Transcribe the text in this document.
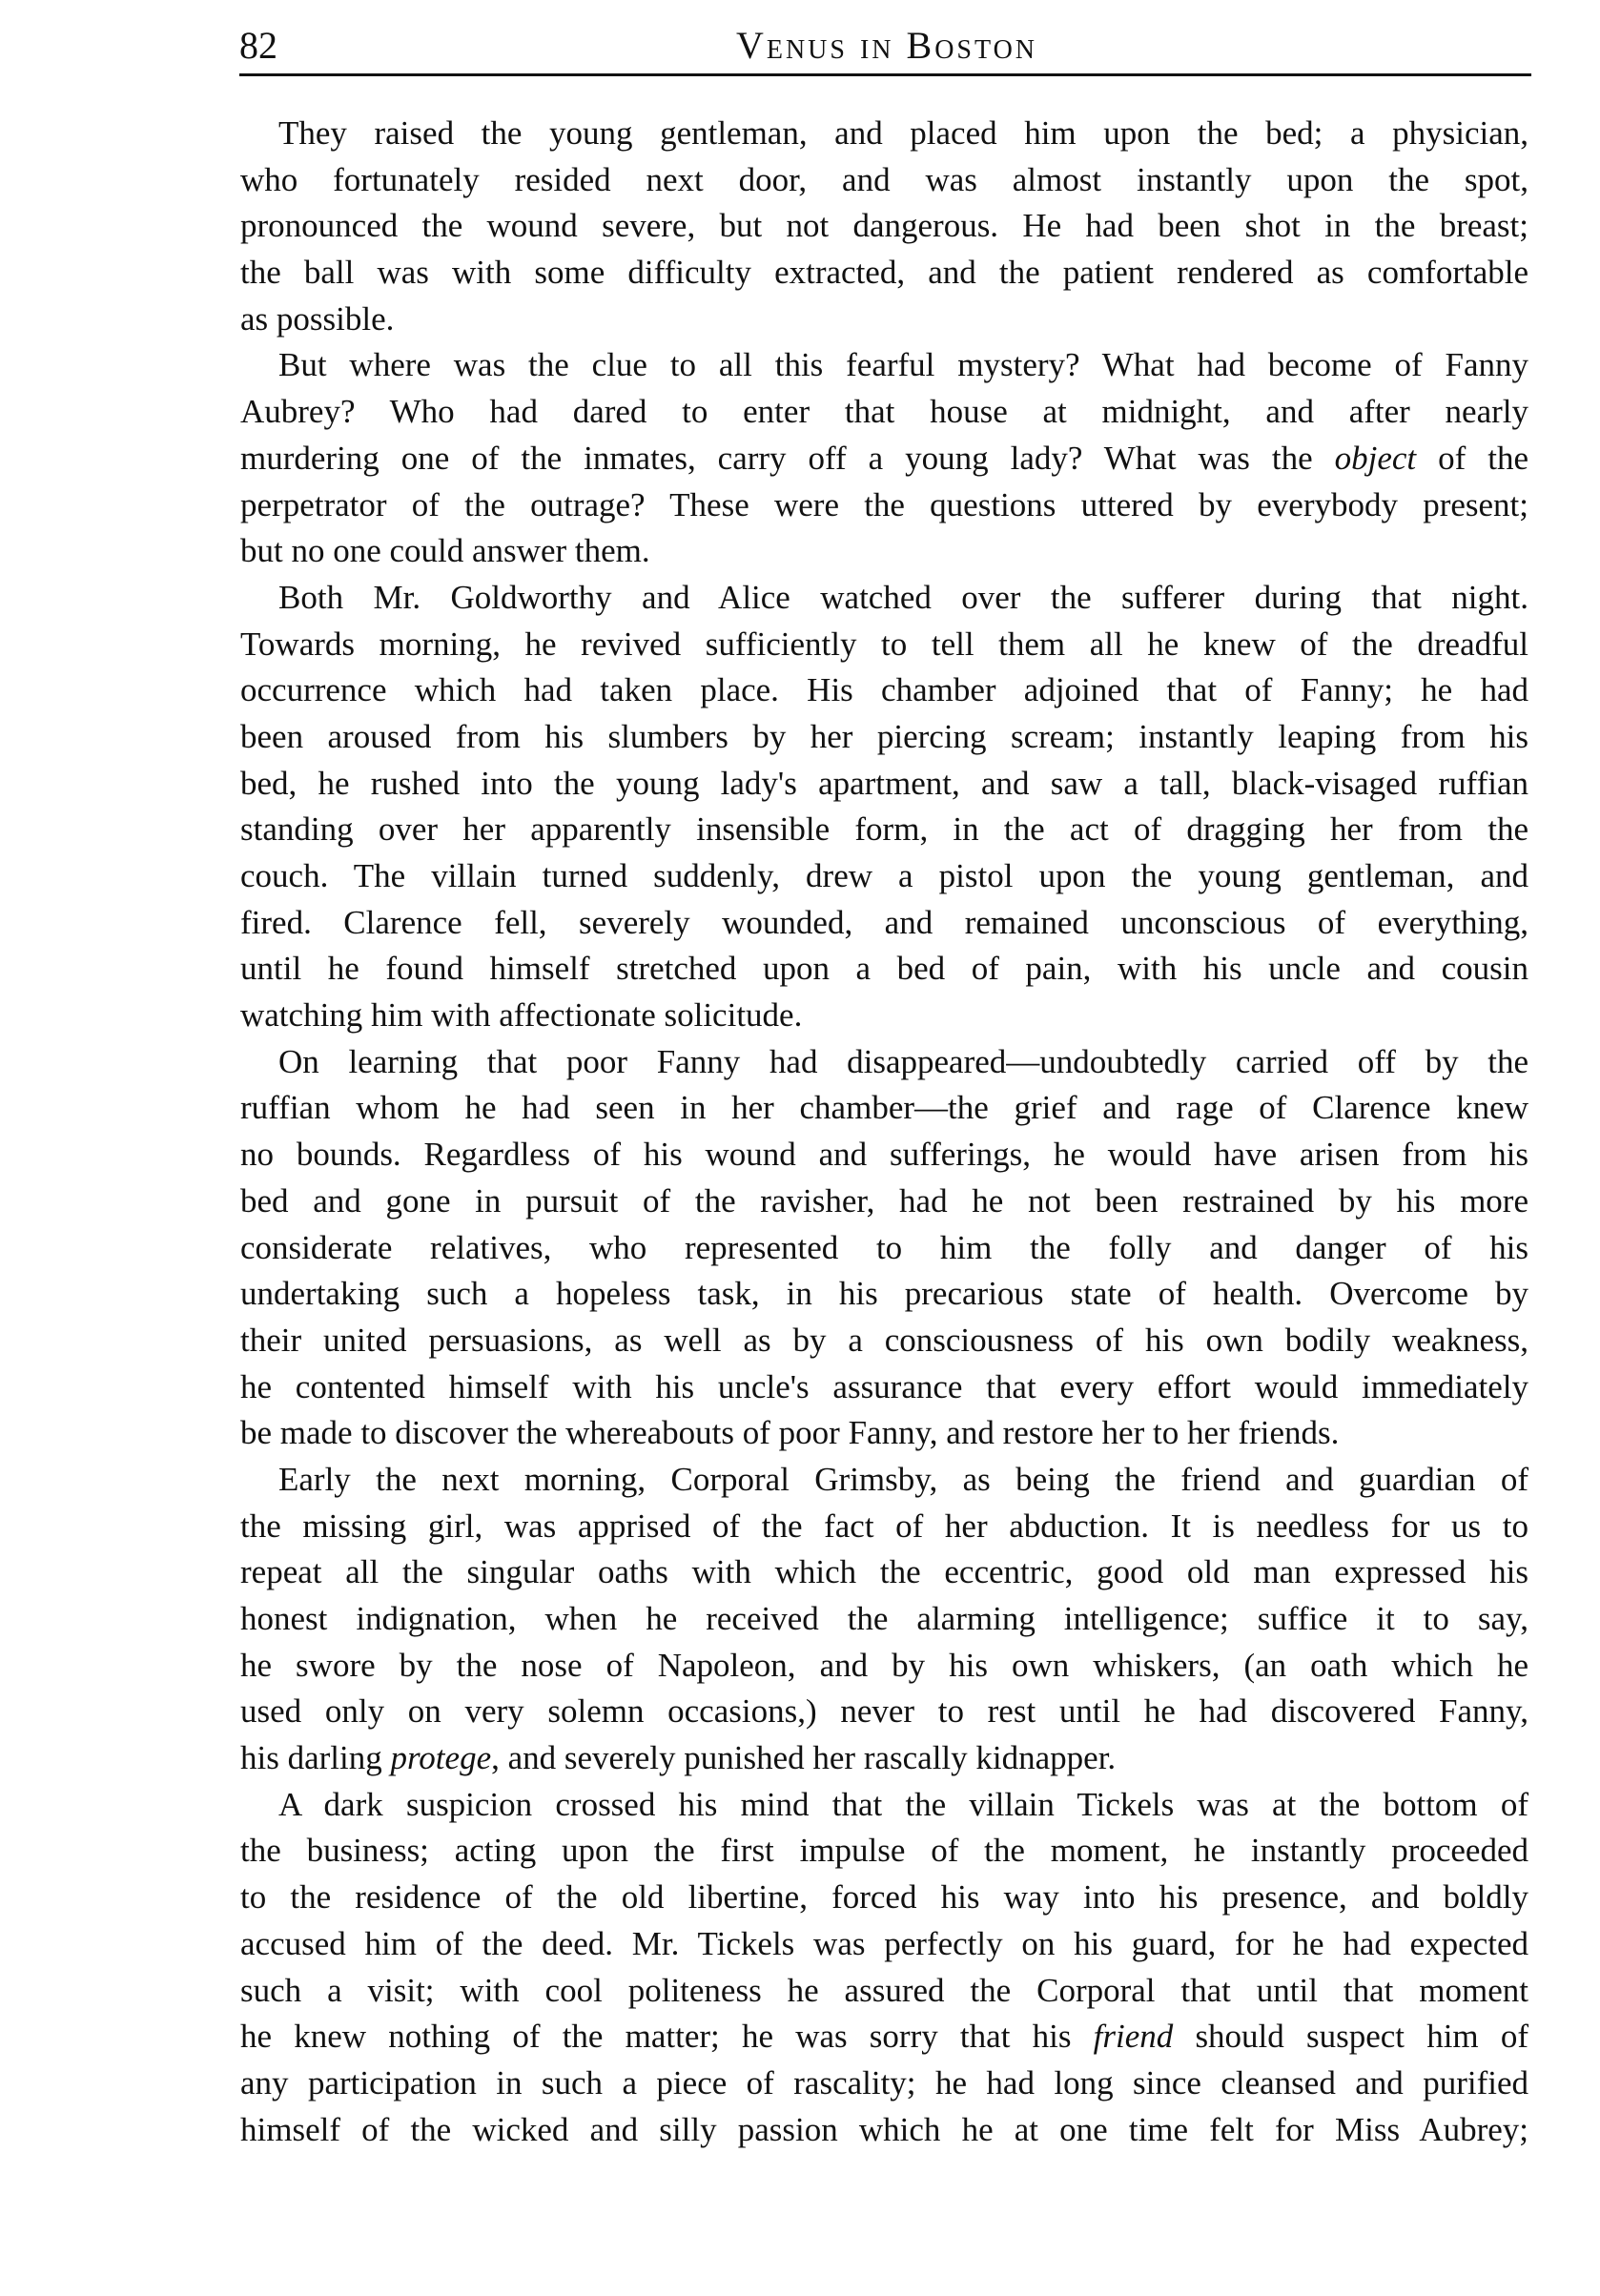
82	Venus in Boston
They raised the young gentleman, and placed him upon the bed; a physician,
who fortunately resided next door, and was almost instantly upon the spot,
pronounced the wound severe, but not dangerous. He had been shot in the breast;
the ball was with some difficulty extracted, and the patient rendered as comfortable
as possible.
But where was the clue to all this fearful mystery? What had become of Fanny
Aubrey? Who had dared to enter that house at midnight, and after nearly
murdering one of the inmates, carry off a young lady? What was the object of the
perpetrator of the outrage? These were the questions uttered by everybody present;
but no one could answer them.
Both Mr. Goldworthy and Alice watched over the sufferer during that night.
Towards morning, he revived sufficiently to tell them all he knew of the dreadful
occurrence which had taken place. His chamber adjoined that of Fanny; he had
been aroused from his slumbers by her piercing scream; instantly leaping from his
bed, he rushed into the young lady's apartment, and saw a tall, black-visaged ruffian
standing over her apparently insensible form, in the act of dragging her from the
couch. The villain turned suddenly, drew a pistol upon the young gentleman, and
fired. Clarence fell, severely wounded, and remained unconscious of everything,
until he found himself stretched upon a bed of pain, with his uncle and cousin
watching him with affectionate solicitude.
On learning that poor Fanny had disappeared—undoubtedly carried off by the
ruffian whom he had seen in her chamber—the grief and rage of Clarence knew
no bounds. Regardless of his wound and sufferings, he would have arisen from his
bed and gone in pursuit of the ravisher, had he not been restrained by his more
considerate relatives, who represented to him the folly and danger of his
undertaking such a hopeless task, in his precarious state of health. Overcome by
their united persuasions, as well as by a consciousness of his own bodily weakness,
he contented himself with his uncle's assurance that every effort would immediately
be made to discover the whereabouts of poor Fanny, and restore her to her friends.
Early the next morning, Corporal Grimsby, as being the friend and guardian of
the missing girl, was apprised of the fact of her abduction. It is needless for us to
repeat all the singular oaths with which the eccentric, good old man expressed his
honest indignation, when he received the alarming intelligence; suffice it to say,
he swore by the nose of Napoleon, and by his own whiskers, (an oath which he
used only on very solemn occasions,) never to rest until he had discovered Fanny,
his darling protege, and severely punished her rascally kidnapper.
A dark suspicion crossed his mind that the villain Tickels was at the bottom of
the business; acting upon the first impulse of the moment, he instantly proceeded
to the residence of the old libertine, forced his way into his presence, and boldly
accused him of the deed. Mr. Tickels was perfectly on his guard, for he had expected
such a visit; with cool politeness he assured the Corporal that until that moment
he knew nothing of the matter; he was sorry that his friend should suspect him of
any participation in such a piece of rascality; he had long since cleansed and purified
himself of the wicked and silly passion which he at one time felt for Miss Aubrey;
